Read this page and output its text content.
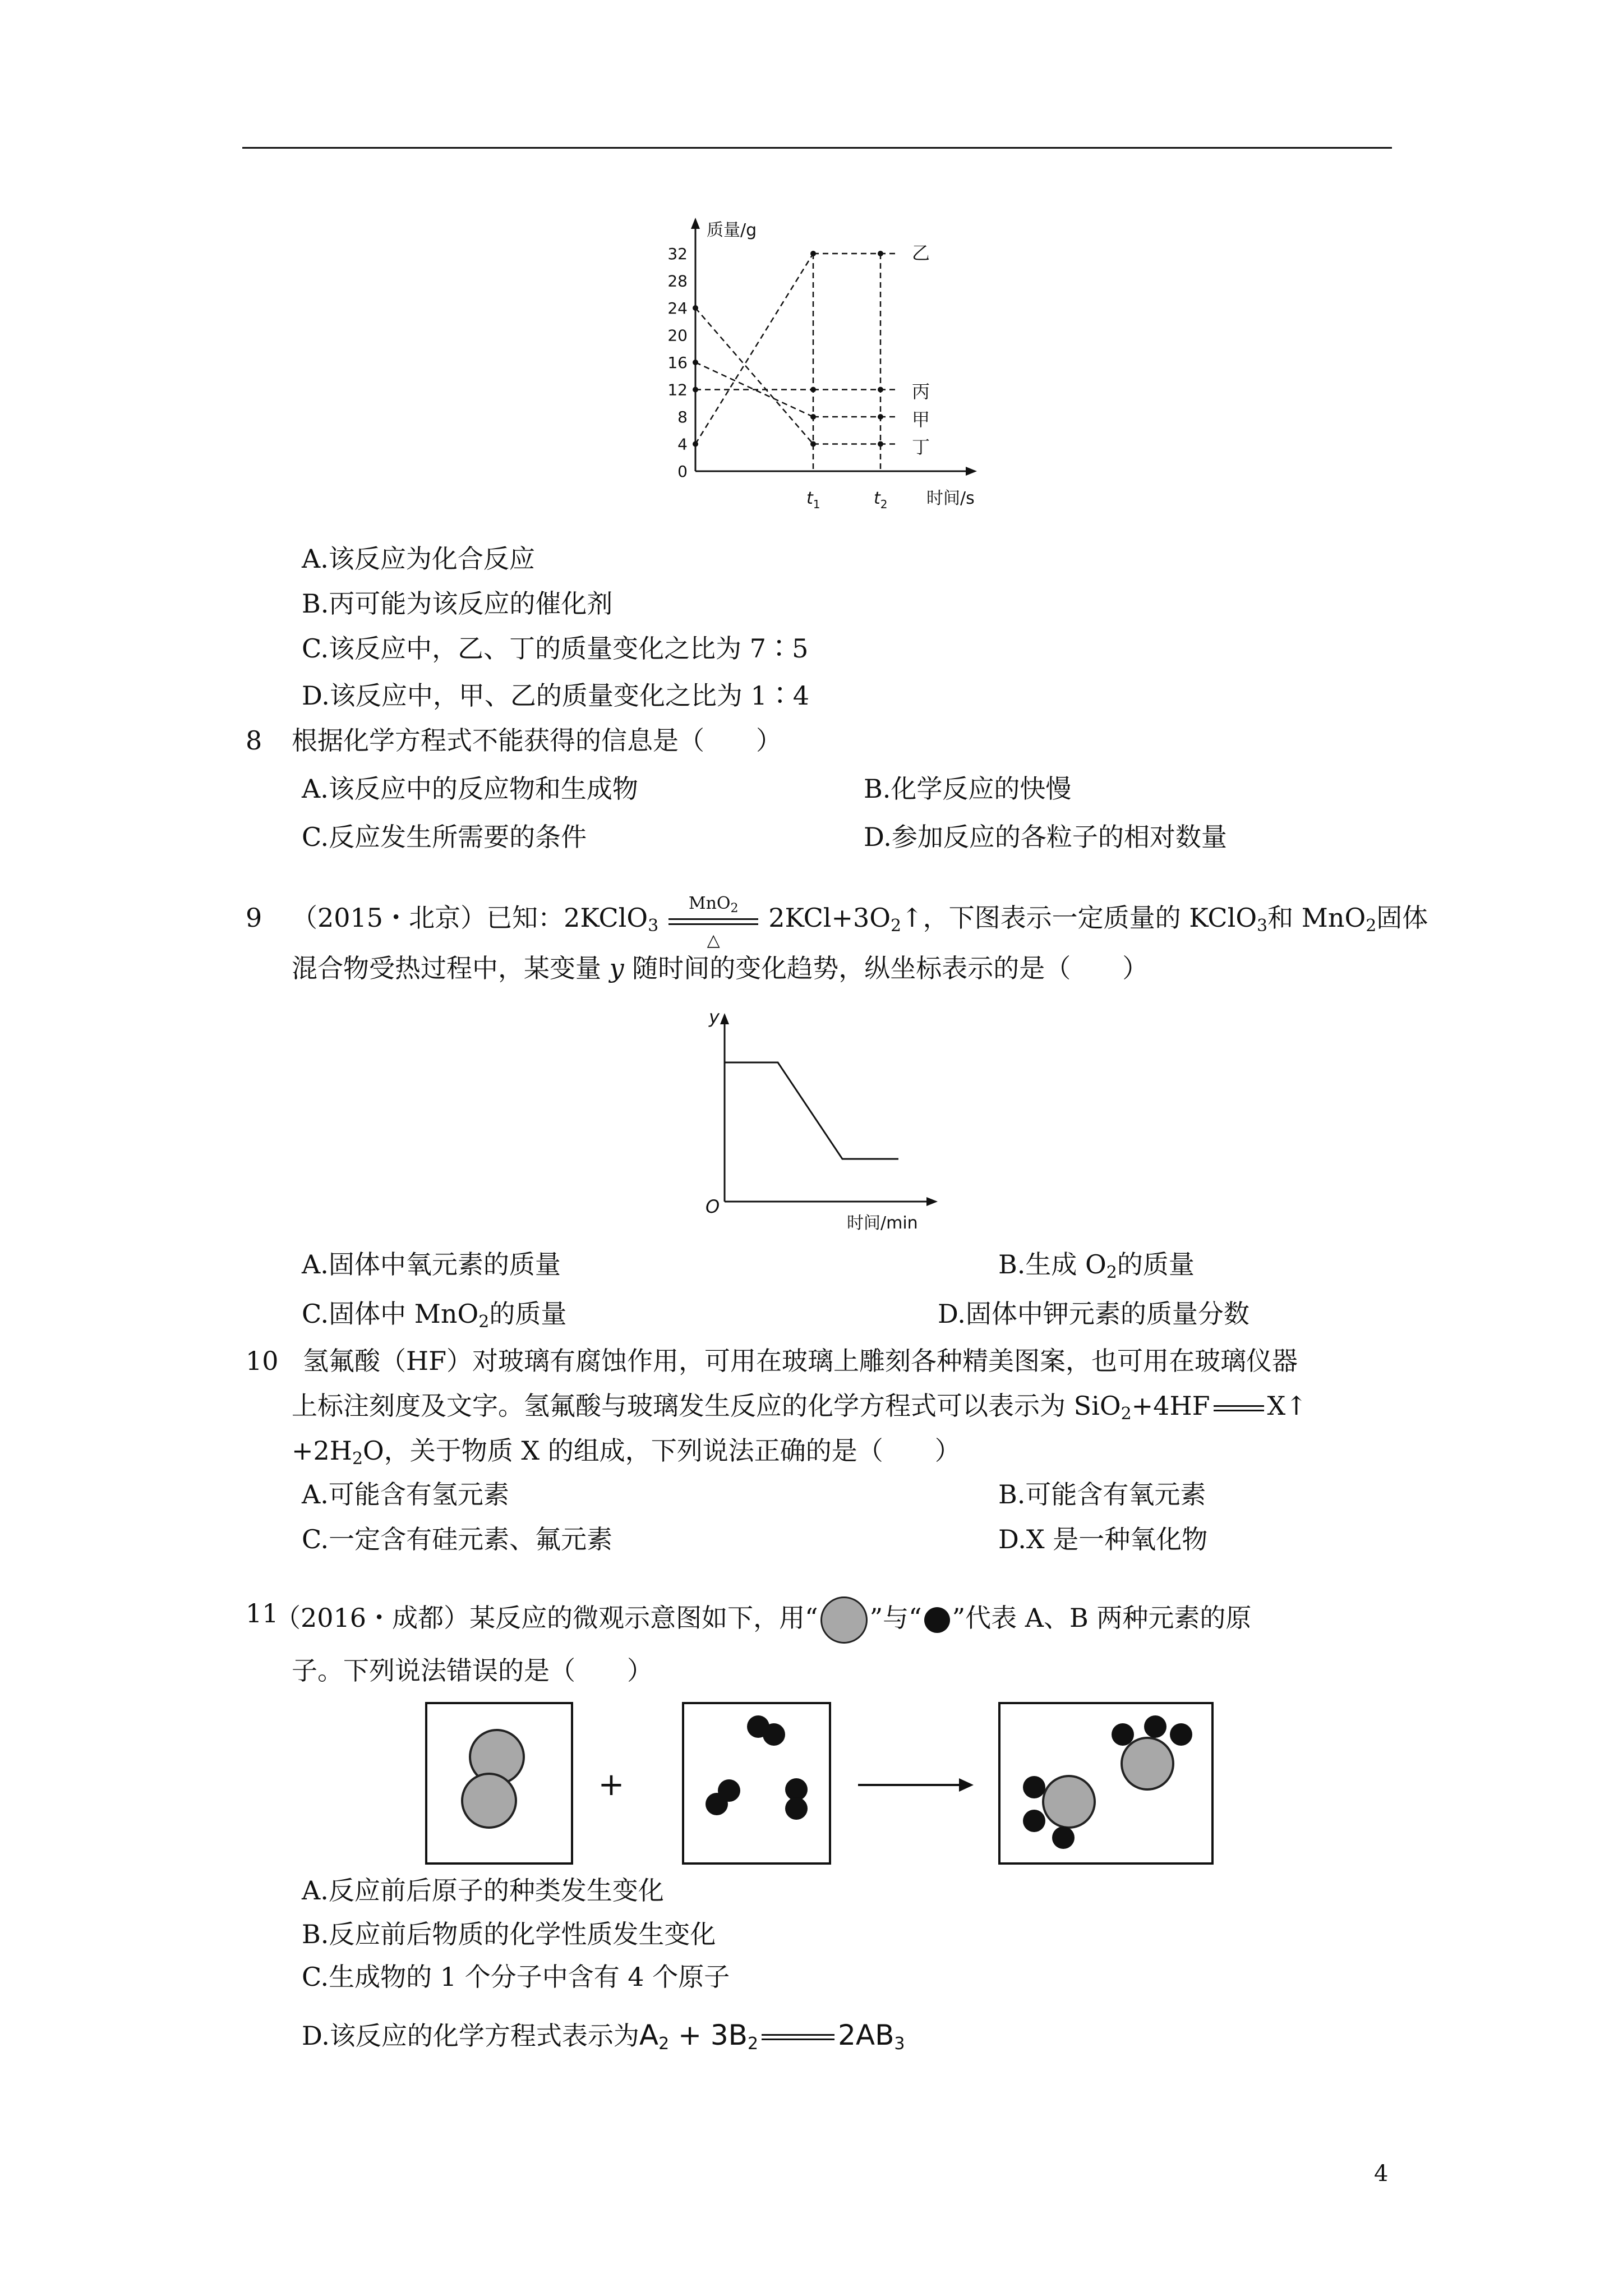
质量/g
时间/s
0
4
8
12
16
20
24
28
32
$t_1$	$t_2$
乙
丙
甲
丁
A.该反应为化合反应
B.丙可能为该反应的催化剂
C.该反应中，乙、丁的质量变化之比为 7∶5
D.该反应中，甲、乙的质量变化之比为 1∶4
8 根据化学方程式不能获得的信息是（　　）
A.该反应中的反应物和生成物	B.化学反应的快慢
C.反应发生所需要的条件	D.参加反应的各粒子的相对数量
9 （2015・北京）已知：2KClO$_3$
MnO$_2$
△
$2KCl+3O_2↑$，下图表示一定质量的 KClO$_3$和 MnO$_2$固体
混合物受热过程中，某变量 y 随时间的变化趋势，纵坐标表示的是（　　）
y
O
时间/min
A.固体中氧元素的质量	B.生成 $O_2$的质量
C.固体中 MnO$_2$的质量	D.固体中钾元素的质量分数
10 氢氟酸（HF）对玻璃有腐蚀作用，可用在玻璃上雕刻各种精美图案，也可用在玻璃仪器
上标注刻度及文字。氢氟酸与玻璃发生反应的化学方程式可以表示为 SiO$_2$+4HF X↑
$+2H_2O$，关于物质 X 的组成，下列说法正确的是（　　）
A.可能含有氢元素	B.可能含有氧元素
C.一定含有硅元素、氟元素	D.X 是一种氧化物
11
（2016・成都）某反应的微观示意图如下，用“ ”与“ ”代表 A、B 两种元素的原
子。下列说法错误的是（　　）
+
A.反应前后原子的种类发生变化
B.反应前后物质的化学性质发生变化
C.生成物的 1 个分子中含有 4 个原子
D.该反应的化学方程式表示为$A_2 + 3B_2$	$2AB_3$
4
